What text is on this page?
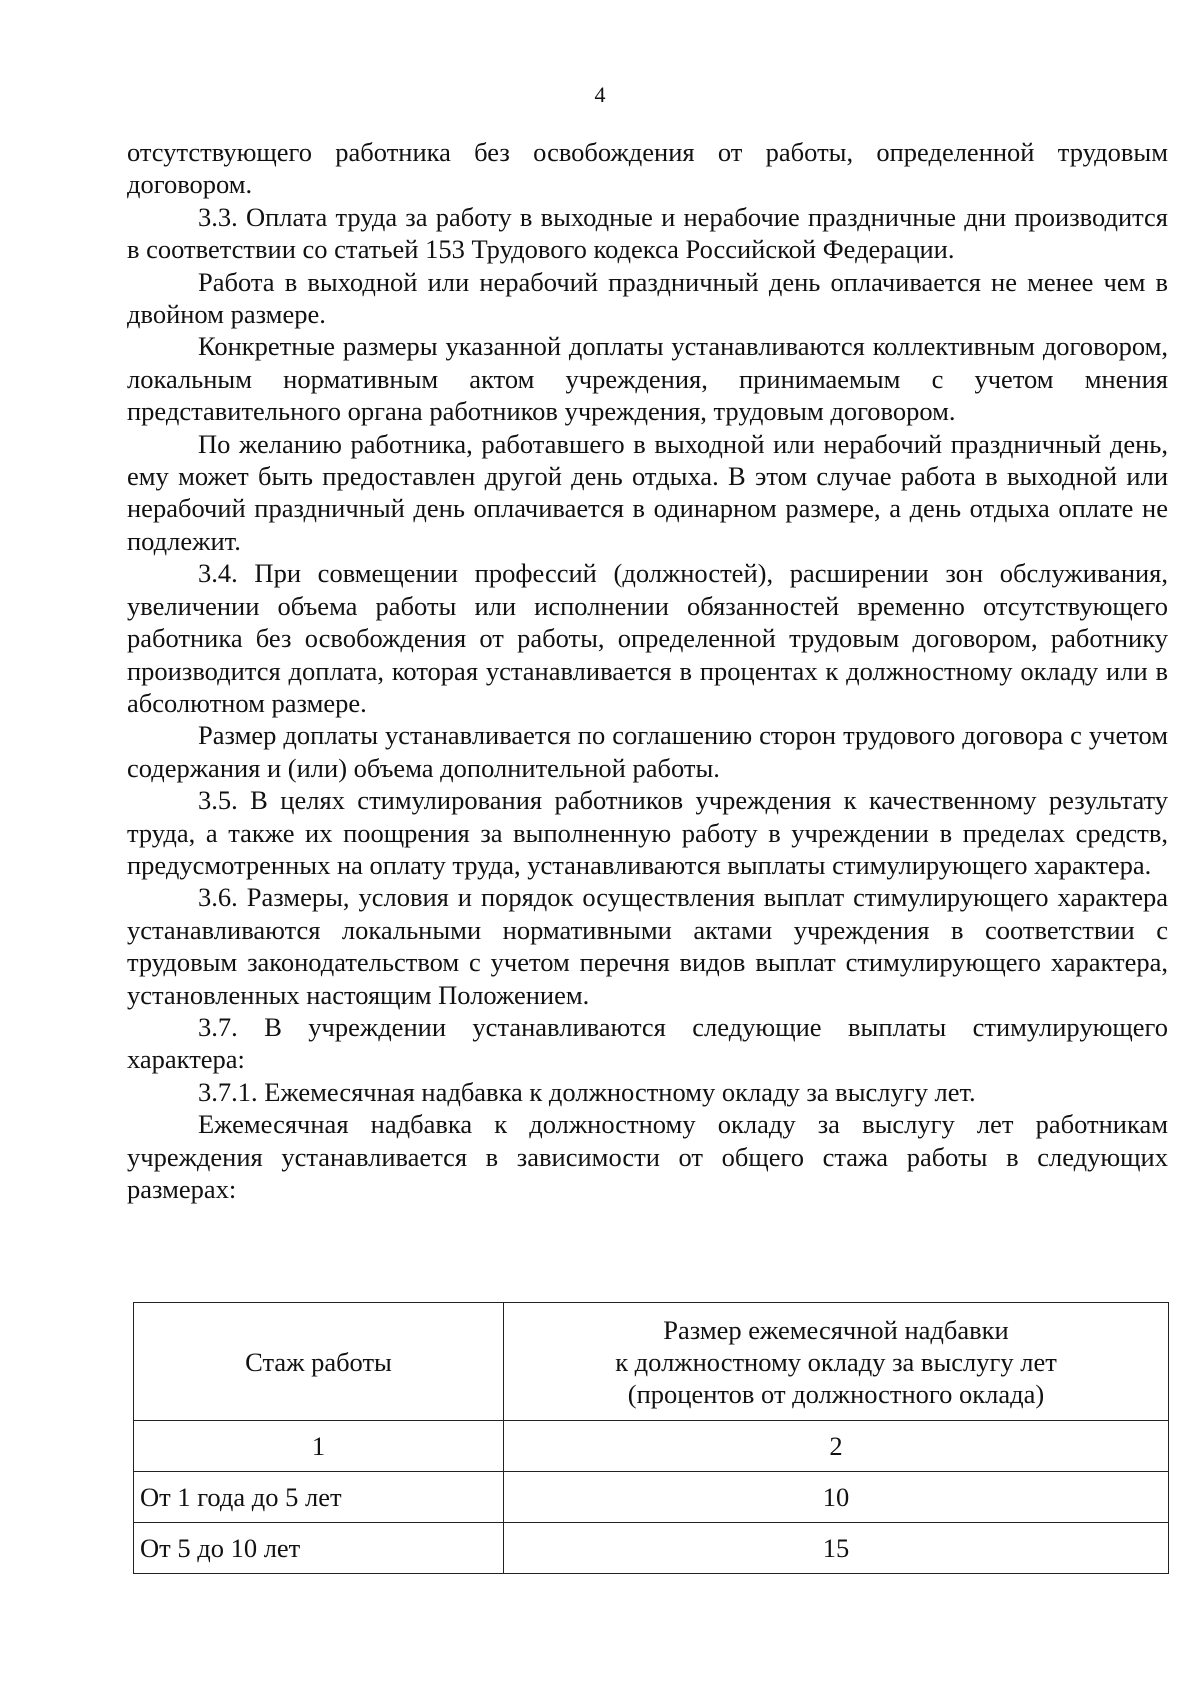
4

отсутствующего работника без освобождения от работы, определенной трудовым договором.

3.3. Оплата труда за работу в выходные и нерабочие праздничные дни производится в соответствии со статьей 153 Трудового кодекса Российской Федерации.

Работа в выходной или нерабочий праздничный день оплачивается не менее чем в двойном размере.

Конкретные размеры указанной доплаты устанавливаются коллективным договором, локальным нормативным актом учреждения, принимаемым с учетом мнения представительного органа работников учреждения, трудовым договором.

По желанию работника, работавшего в выходной или нерабочий праздничный день, ему может быть предоставлен другой день отдыха. В этом случае работа в выходной или нерабочий праздничный день оплачивается в одинарном размере, а день отдыха оплате не подлежит.

3.4. При совмещении профессий (должностей), расширении зон обслуживания, увеличении объема работы или исполнении обязанностей временно отсутствующего работника без освобождения от работы, определенной трудовым договором, работнику производится доплата, которая устанавливается в процентах к должностному окладу или в абсолютном размере.

Размер доплаты устанавливается по соглашению сторон трудового договора с учетом содержания и (или) объема дополнительной работы.

3.5. В целях стимулирования работников учреждения к качественному результату труда, а также их поощрения за выполненную работу в учреждении в пределах средств, предусмотренных на оплату труда, устанавливаются выплаты стимулирующего характера.

3.6. Размеры, условия и порядок осуществления выплат стимулирующего характера устанавливаются локальными нормативными актами учреждения в соответствии с трудовым законодательством с учетом перечня видов выплат стимулирующего характера, установленных настоящим Положением.

3.7. В учреждении устанавливаются следующие выплаты стимулирующего характера:

3.7.1. Ежемесячная надбавка к должностному окладу за выслугу лет.

Ежемесячная надбавка к должностному окладу за выслугу лет работникам учреждения устанавливается в зависимости от общего стажа работы в следующих размерах:

Стаж работы	Размер ежемесячной надбавки
к должностному окладу за выслугу лет
(процентов от должностного оклада)

1	2
От 1 года до 5 лет	10
От 5 до 10 лет	15
